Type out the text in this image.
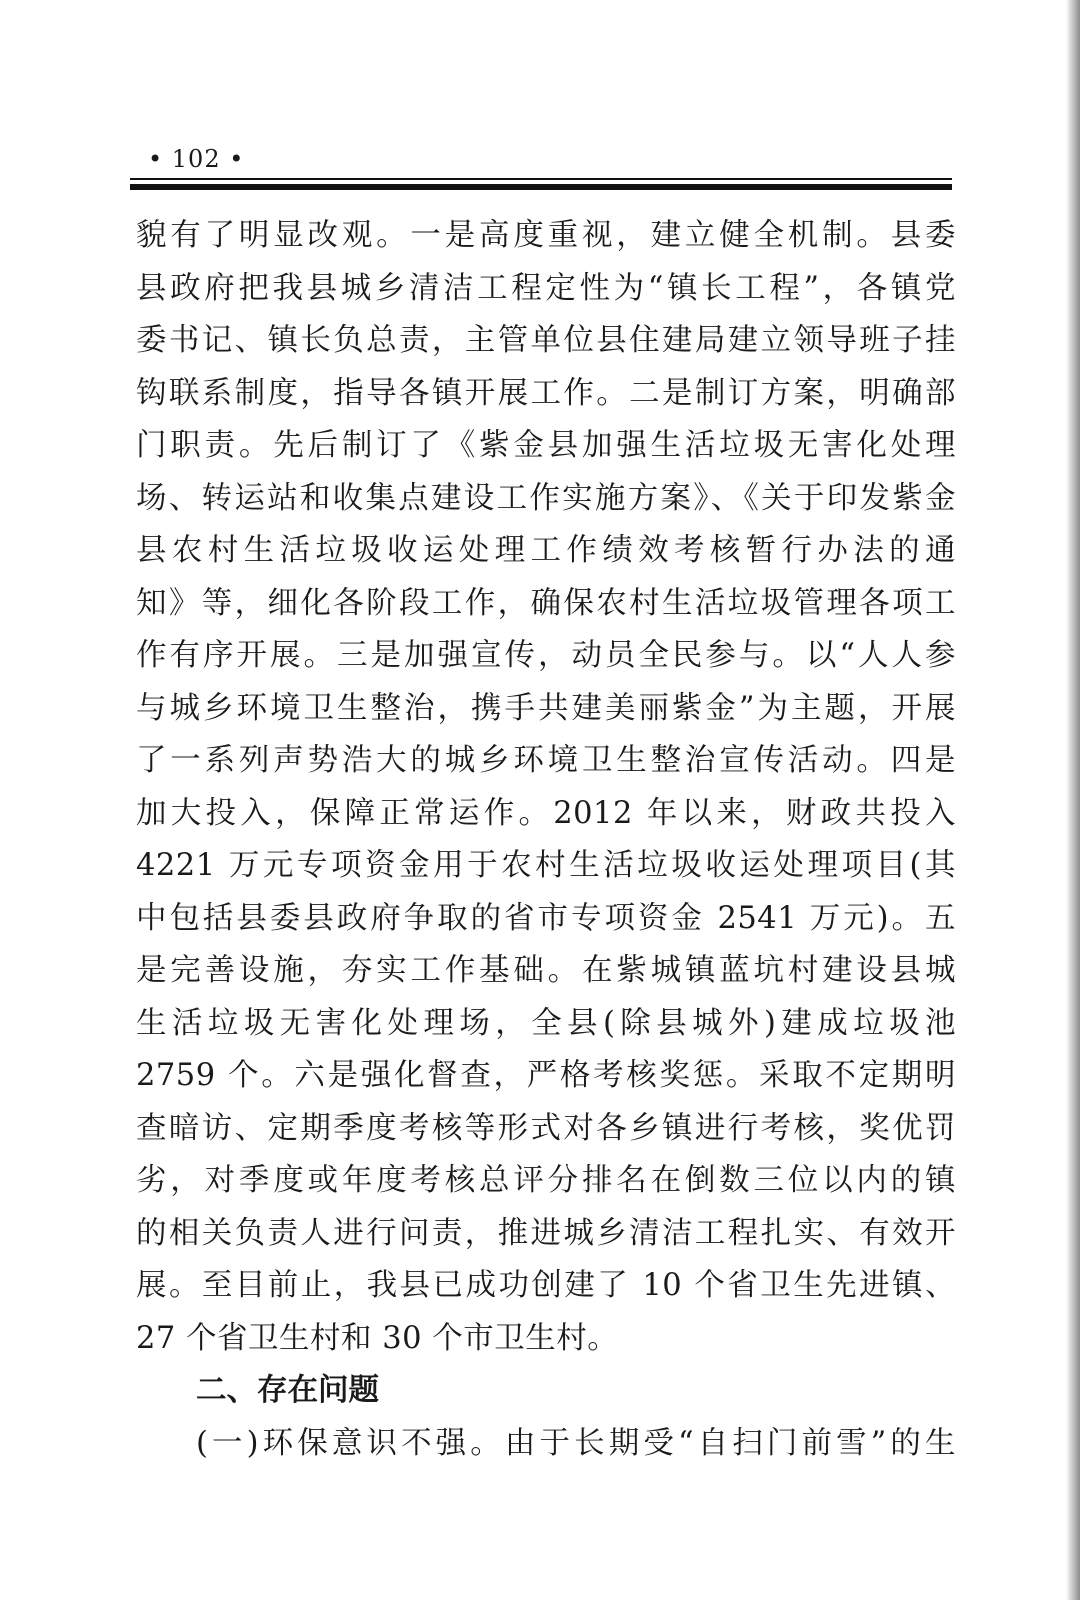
• 102 •
貌有了明显改观。一是高度重视，建立健全机制。县委
县政府把我县城乡清洁工程定性为“镇长工程”，各镇党
委书记、镇长负总责，主管单位县住建局建立领导班子挂
钩联系制度，指导各镇开展工作。二是制订方案，明确部
门职责。先后制订了《紫金县加强生活垃圾无害化处理
场、转运站和收集点建设工作实施方案》、《关于印发紫金
县农村生活垃圾收运处理工作绩效考核暂行办法的通
知》等，细化各阶段工作，确保农村生活垃圾管理各项工
作有序开展。三是加强宣传，动员全民参与。以“人人参
与城乡环境卫生整治，携手共建美丽紫金”为主题，开展
了一系列声势浩大的城乡环境卫生整治宣传活动。四是
加大投入，保障正常运作。2012 年以来，财政共投入
4221 万元专项资金用于农村生活垃圾收运处理项目(其
中包括县委县政府争取的省市专项资金 2541 万元)。五
是完善设施，夯实工作基础。在紫城镇蓝坑村建设县城
生活垃圾无害化处理场，全县(除县城外)建成垃圾池
2759 个。六是强化督查，严格考核奖惩。采取不定期明
查暗访、定期季度考核等形式对各乡镇进行考核，奖优罚
劣，对季度或年度考核总评分排名在倒数三位以内的镇
的相关负责人进行问责，推进城乡清洁工程扎实、有效开
展。至目前止，我县已成功创建了 10 个省卫生先进镇、
27 个省卫生村和 30 个市卫生村。
二、存在问题
(一)环保意识不强。由于长期受“自扫门前雪”的生
